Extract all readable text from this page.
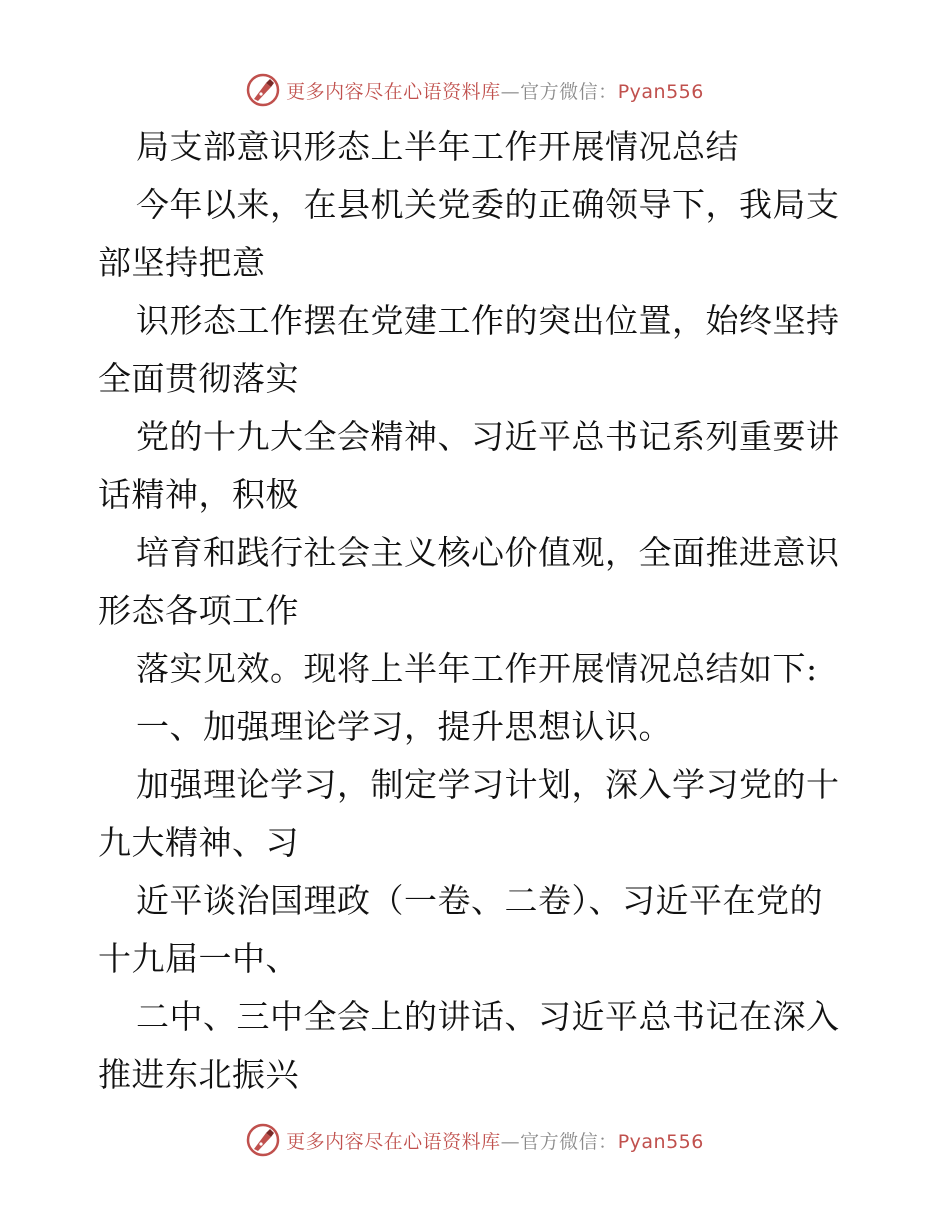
更多内容尽在心语资料库—官方微信：Pyan556
局支部意识形态上半年工作开展情况总结
今年以来，在县机关党委的正确领导下，我局支
部坚持把意
识形态工作摆在党建工作的突出位置，始终坚持
全面贯彻落实
党的十九大全会精神、习近平总书记系列重要讲
话精神，积极
培育和践行社会主义核心价值观，全面推进意识
形态各项工作
落实见效。现将上半年工作开展情况总结如下:
一、加强理论学习，提升思想认识。
加强理论学习，制定学习计划，深入学习党的十
九大精神、习
近平谈治国理政（一卷、二卷）、习近平在党的
十九届一中、
二中、三中全会上的讲话、习近平总书记在深入
推进东北振兴
更多内容尽在心语资料库—官方微信：Pyan556
